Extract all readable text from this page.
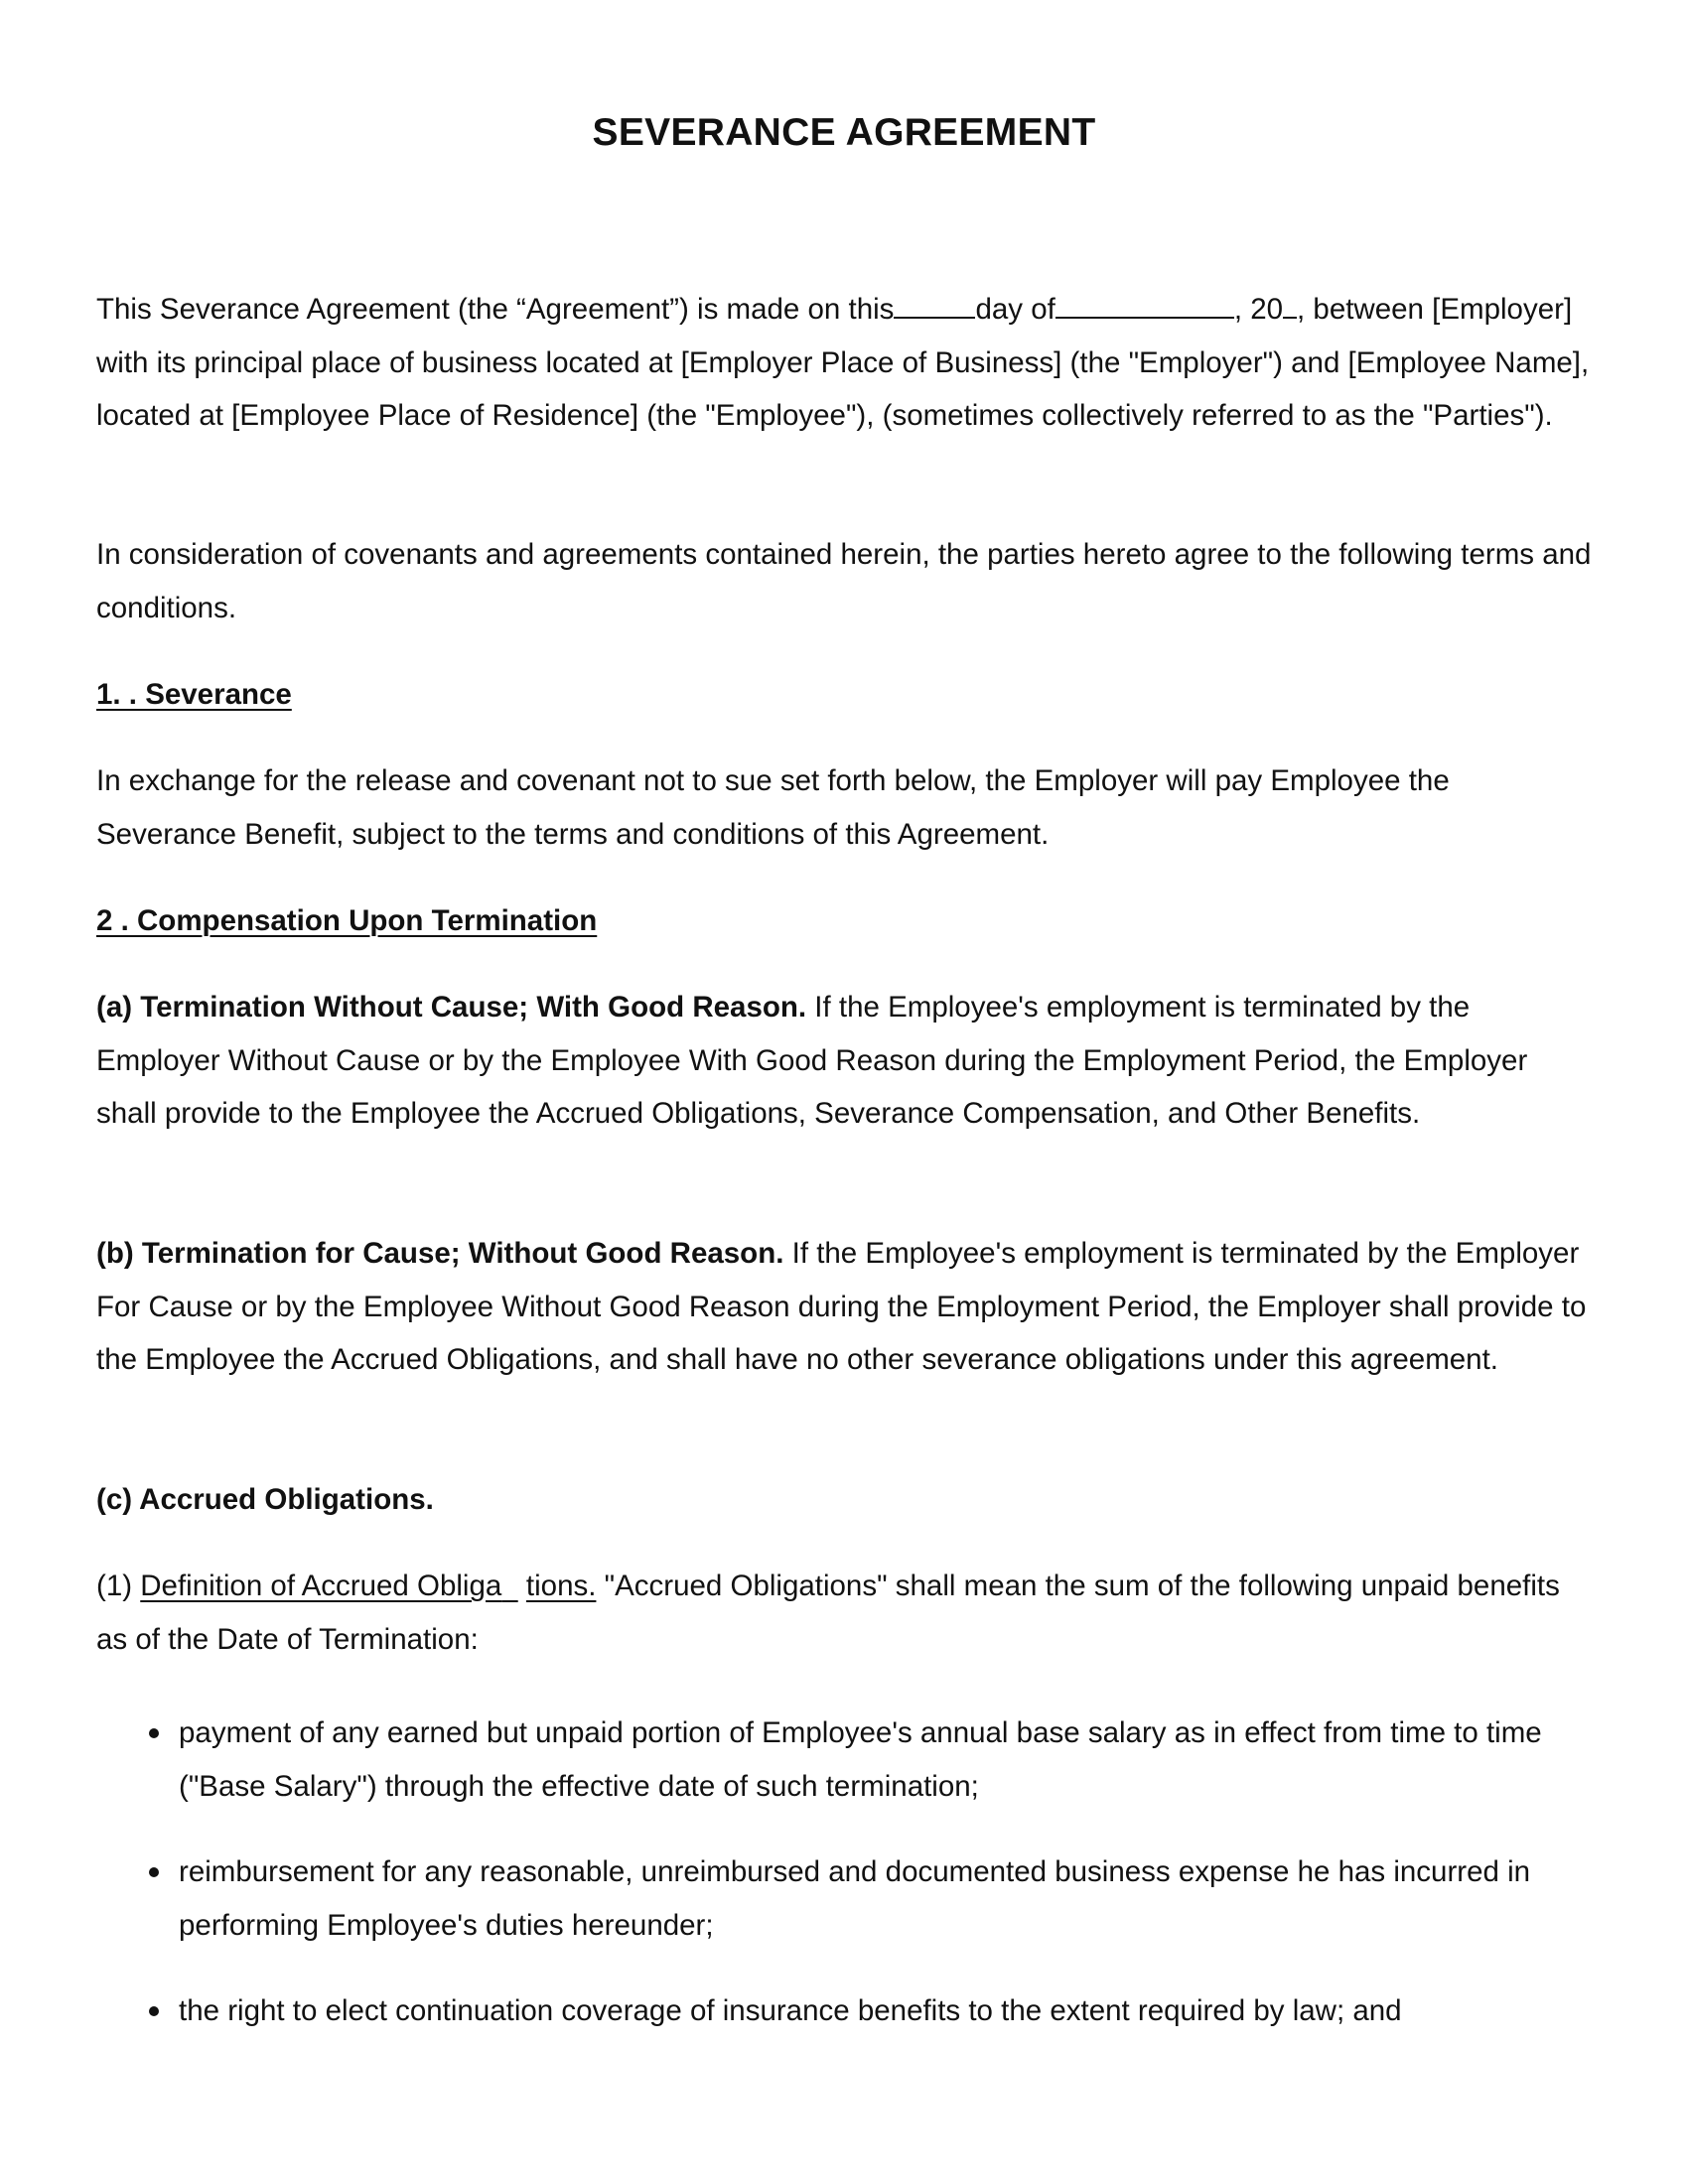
SEVERANCE AGREEMENT

This Severance Agreement (the “Agreement”) is made on this	day of	, 20 , between [Employer] with its principal place of business located at [Employer Place of Business] (the "Employer") and [Employee Name], located at [Employee Place of Residence] (the "Employee"), (sometimes collectively referred to as the "Parties").

In consideration of covenants and agreements contained herein, the parties hereto agree to the following terms and conditions.

1. . Severance

In exchange for the release and covenant not to sue set forth below, the Employer will pay Employee the Severance Benefit, subject to the terms and conditions of this Agreement.

2 . Compensation Upon Termination

(a) Termination Without Cause; With Good Reason. If the Employee's employment is terminated by the Employer Without Cause or by the Employee With Good Reason during the Employment Period, the Employer shall provide to the Employee the Accrued Obligations, Severance Compensation, and Other Benefits.

(b) Termination for Cause; Without Good Reason. If the Employee's employment is terminated by the Employer For Cause or by the Employee Without Good Reason during the Employment Period, the Employer shall provide to the Employee the Accrued Obligations, and shall have no other severance obligations under this agreement.

(c) Accrued Obligations.

(1) Definition of Accrued Obliga tions. "Accrued Obligations" shall mean the sum of the following unpaid benefits as of the Date of Termination:

payment of any earned but unpaid portion of Employee's annual base salary as in effect from time to time ("Base Salary") through the effective date of such termination;
reimbursement for any reasonable, unreimbursed and documented business expense he has incurred in performing Employee's duties hereunder;
the right to elect continuation coverage of insurance benefits to the extent required by law; and
